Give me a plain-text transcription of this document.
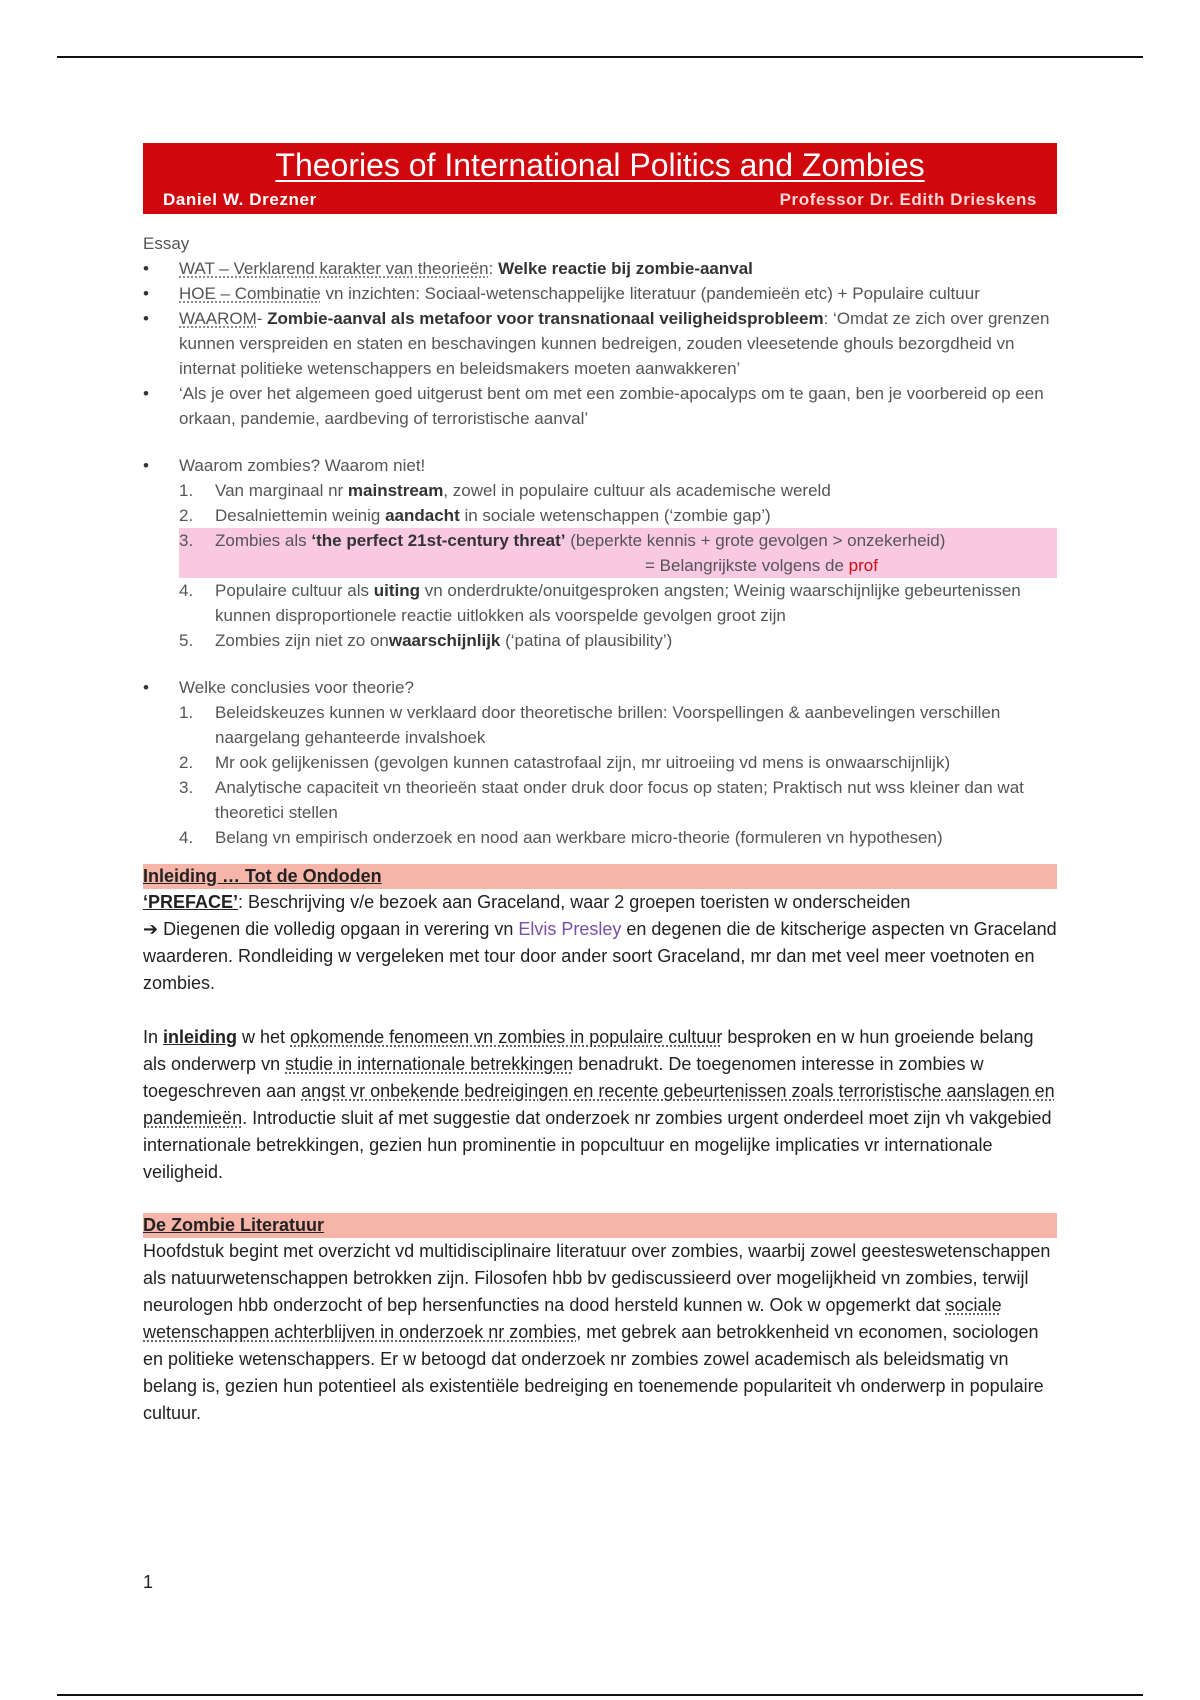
Theories of International Politics and Zombies
Daniel W. Drezner	Professor Dr. Edith Drieskens
Essay
• WAT – Verklarend karakter van theorieën: Welke reactie bij zombie-aanval
• HOE – Combinatie vn inzichten: Sociaal-wetenschappelijke literatuur (pandemieën etc) + Populaire cultuur
• WAAROM- Zombie-aanval als metafoor voor transnationaal veiligheidsprobleem: ‘Omdat ze zich over grenzen kunnen verspreiden en staten en beschavingen kunnen bedreigen, zouden vleesetende ghouls bezorgdheid vn internat politieke wetenschappers en beleidsmakers moeten aanwakkeren’
• ‘Als je over het algemeen goed uitgerust bent om met een zombie-apocalyps om te gaan, ben je voorbereid op een orkaan, pandemie, aardbeving of terroristische aanval’
• Waarom zombies? Waarom niet!
1. Van marginaal nr mainstream, zowel in populaire cultuur als academische wereld
2. Desalniettemin weinig aandacht in sociale wetenschappen (‘zombie gap’)
3. Zombies als ‘the perfect 21st-century threat’ (beperkte kennis + grote gevolgen > onzekerheid)
= Belangrijkste volgens de prof
4. Populaire cultuur als uiting vn onderdrukte/onuitgesproken angsten; Weinig waarschijnlijke gebeurtenissen kunnen disproportionele reactie uitlokken als voorspelde gevolgen groot zijn
5. Zombies zijn niet zo onwaarschijnlijk (‘patina of plausibility’)
• Welke conclusies voor theorie?
1. Beleidskeuzes kunnen w verklaard door theoretische brillen: Voorspellingen & aanbevelingen verschillen naargelang gehanteerde invalshoek
2. Mr ook gelijkenissen (gevolgen kunnen catastrofaal zijn, mr uitroeiing vd mens is onwaarschijnlijk)
3. Analytische capaciteit vn theorieën staat onder druk door focus op staten; Praktisch nut wss kleiner dan wat theoretici stellen
4. Belang vn empirisch onderzoek en nood aan werkbare micro-theorie (formuleren vn hypothesen)
Inleiding … Tot de Ondoden
‘PREFACE’: Beschrijving v/e bezoek aan Graceland, waar 2 groepen toeristen w onderscheiden
➔ Diegenen die volledig opgaan in verering vn Elvis Presley en degenen die de kitscherige aspecten vn Graceland waarderen. Rondleiding w vergeleken met tour door ander soort Graceland, mr dan met veel meer voetnoten en zombies.
In inleiding w het opkomende fenomeen vn zombies in populaire cultuur besproken en w hun groeiende belang als onderwerp vn studie in internationale betrekkingen benadrukt. De toegenomen interesse in zombies w toegeschreven aan angst vr onbekende bedreigingen en recente gebeurtenissen zoals terroristische aanslagen en pandemieën. Introductie sluit af met suggestie dat onderzoek nr zombies urgent onderdeel moet zijn vh vakgebied internationale betrekkingen, gezien hun prominentie in popcultuur en mogelijke implicaties vr internationale veiligheid.
De Zombie Literatuur
Hoofdstuk begint met overzicht vd multidisciplinaire literatuur over zombies, waarbij zowel geesteswetenschappen als natuurwetenschappen betrokken zijn. Filosofen hbb bv gediscussieerd over mogelijkheid vn zombies, terwijl neurologen hbb onderzocht of bep hersenfuncties na dood hersteld kunnen w. Ook w opgemerkt dat sociale wetenschappen achterblijven in onderzoek nr zombies, met gebrek aan betrokkenheid vn economen, sociologen en politieke wetenschappers. Er w betoogd dat onderzoek nr zombies zowel academisch als beleidsmatig vn belang is, gezien hun potentieel als existentiële bedreiging en toenemende populariteit vh onderwerp in populaire cultuur.
1
